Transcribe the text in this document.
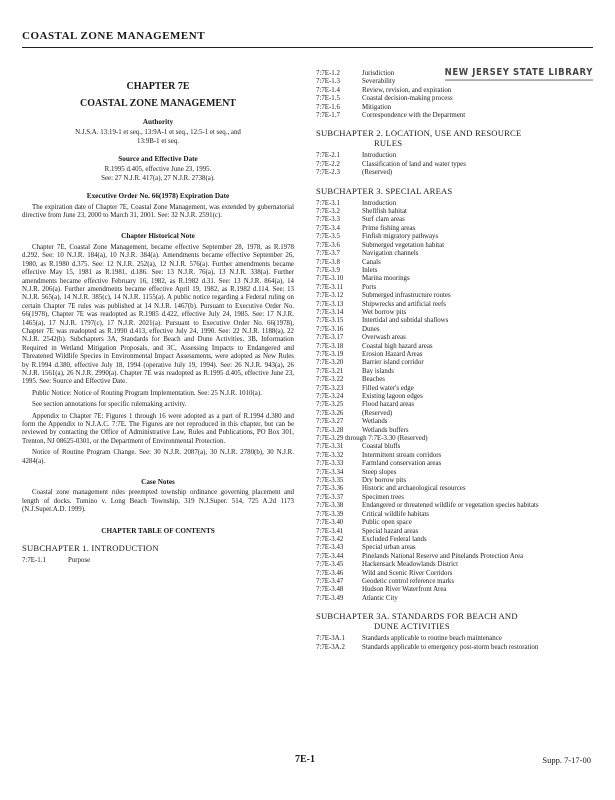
COASTAL ZONE MANAGEMENT
NEW JERSEY STATE LIBRARY
CHAPTER 7E
COASTAL ZONE MANAGEMENT
Authority
N.J.S.A. 13:19-1 et seq., 13:9A-1 et seq., 12:5-1 et seq., and 13:9B-1 et seq.
Source and Effective Date
R.1995 d.405, effective June 23, 1995.
See: 27 N.J.R. 417(a), 27 N.J.R. 2738(a).
Executive Order No. 66(1978) Expiration Date
The expiration date of Chapter 7E, Coastal Zone Management, was extended by gubernatorial directive from June 23, 2000 to March 31, 2001. See: 32 N.J.R. 2591(c).
Chapter Historical Note
Chapter 7E, Coastal Zone Management, became effective September 28, 1978, as R.1978 d.292. See: 10 N.J.R. 184(a), 10 N.J.R. 384(a). Amendments became effective September 26, 1980, as R.1980 d.375. See: 12 N.J.R. 252(a), 12 N.J.R. 576(a). Further amendments became effective May 15, 1981 as R.1981, d.186. See: 13 N.J.R. 76(a), 13 N.J.R. 338(a). Further amendments became effective February 16, 1982, as R.1982 d.31. See: 13 N.J.R. 864(a), 14 N.J.R. 206(a). Further amendments became effective April 19, 1982, as R.1982 d.114. See: 13 N.J.R. 565(a), 14 N.J.R. 385(c), 14 N.J.R. 1155(a). A public notice regarding a Federal ruling on certain Chapter 7E rules was published at 14 N.J.R. 1467(b). Pursuant to Executive Order No. 66(1978), Chapter 7E was readopted as R.1985 d.422, effective July 24, 1985. See: 17 N.J.R. 1465(a), 17 N.J.R. 1797(c), 17 N.J.R. 2021(a). Pursuant to Executive Order No. 66(1978), Chapter 7E was readopted as R.1990 d.413, effective July 24, 1990. See: 22 N.J.R. 1188(a), 22 N.J.R. 2542(b). Subchapters 3A, Standards for Beach and Dune Activities, 3B, Information Required in Wetland Mitigation Proposals, and 3C, Assessing Impacts to Endangered and Threatened Wildlife Species in Environmental Impact Assessments, were adopted as New Rules by R.1994 d.380, effective July 18, 1994 (operative July 19, 1994). See: 26 N.J.R. 943(a), 26 N.J.R. 1561(a), 26 N.J.R. 2990(a). Chapter 7E was readopted as R.1995 d.405, effective June 23, 1995. See: Source and Effective Date.
Public Notice: Notice of Routing Program Implementation. See: 25 N.J.R. 1010(a).
See section annotations for specific rulemaking activity.
Appendix to Chapter 7E: Figures 1 through 16 were adopted as a part of R.1994 d.380 and form the Appendix to N.J.A.C. 7:7E. The Figures are not reproduced in this chapter, but can be reviewed by contacting the Office of Administrative Law, Rules and Publications, PO Box 301, Trenton, NJ 08625-0301, or the Department of Environmental Protection.
Notice of Routine Program Change. See: 30 N.J.R. 2087(a), 30 N.J.R. 2780(b), 30 N.J.R. 4284(a).
Case Notes
Coastal zone management rules preempted township ordinance governing placement and length of docks. Tumino v. Long Beach Township, 319 N.J.Super. 514, 725 A.2d 1173 (N.J.Super.A.D. 1999).
CHAPTER TABLE OF CONTENTS
SUBCHAPTER 1. INTRODUCTION
7:7E-1.1	Purpose
7:7E-1.2	Jurisdiction
7:7E-1.3	Severability
7:7E-1.4	Review, revision, and expiration
7:7E-1.5	Coastal decision-making process
7:7E-1.6	Mitigation
7:7E-1.7	Correspondence with the Department
SUBCHAPTER 2. LOCATION, USE AND RESOURCE
RULES
7:7E-2.1	Introduction
7:7E-2.2	Classification of land and water types
7:7E-2.3	(Reserved)
SUBCHAPTER 3. SPECIAL AREAS
7:7E-3.1	Introduction
7:7E-3.2	Shellfish habitat
7:7E-3.3	Surf clam areas
7:7E-3.4	Prime fishing areas
7:7E-3.5	Finfish migratory pathways
7:7E-3.6	Submerged vegetation habitat
7:7E-3.7	Navigation channels
7:7E-3.8	Canals
7:7E-3.9	Inlets
7:7E-3.10	Marina moorings
7:7E-3.11	Ports
7:7E-3.12	Submerged infrastructure routes
7:7E-3.13	Shipwrecks and artificial reefs
7:7E-3.14	Wet borrow pits
7:7E-3.15	Intertidal and subtidal shallows
7:7E-3.16	Dunes
7:7E-3.17	Overwash areas
7:7E-3.18	Coastal high hazard areas
7:7E-3.19	Erosion Hazard Areas
7:7E-3.20	Barrier island corridor
7:7E-3.21	Bay islands
7:7E-3.22	Beaches
7:7E-3.23	Filled water's edge
7:7E-3.24	Existing lagoon edges
7:7E-3.25	Flood hazard areas
7:7E-3.26	(Reserved)
7:7E-3.27	Wetlands
7:7E-3.28	Wetlands buffers
7:7E-3.29 through 7:7E-3.30 (Reserved)
7:7E-3.31	Coastal bluffs
7:7E-3.32	Intermittent stream corridors
7:7E-3.33	Farmland conservation areas
7:7E-3.34	Steep slopes
7:7E-3.35	Dry borrow pits
7:7E-3.36	Historic and archaeological resources
7:7E-3.37	Specimen trees
7:7E-3.38	Endangered or threatened wildlife or vegetation species habitats
7:7E-3.39	Critical wildlife habitats
7:7E-3.40	Public open space
7:7E-3.41	Special hazard areas
7:7E-3.42	Excluded Federal lands
7:7E-3.43	Special urban areas
7:7E-3.44	Pinelands National Reserve and Pinelands Protection Area
7:7E-3.45	Hackensack Meadowlands District
7:7E-3.46	Wild and Scenic River Corridors
7:7E-3.47	Geodetic control reference marks
7:7E-3.48	Hudson River Waterfront Area
7:7E-3.49	Atlantic City
SUBCHAPTER 3A. STANDARDS FOR BEACH AND
DUNE ACTIVITIES
7:7E-3A.1	Standards applicable to routine beach maintenance
7:7E-3A.2	Standards applicable to emergency post-storm beach restoration
7E-1	Supp. 7-17-00
